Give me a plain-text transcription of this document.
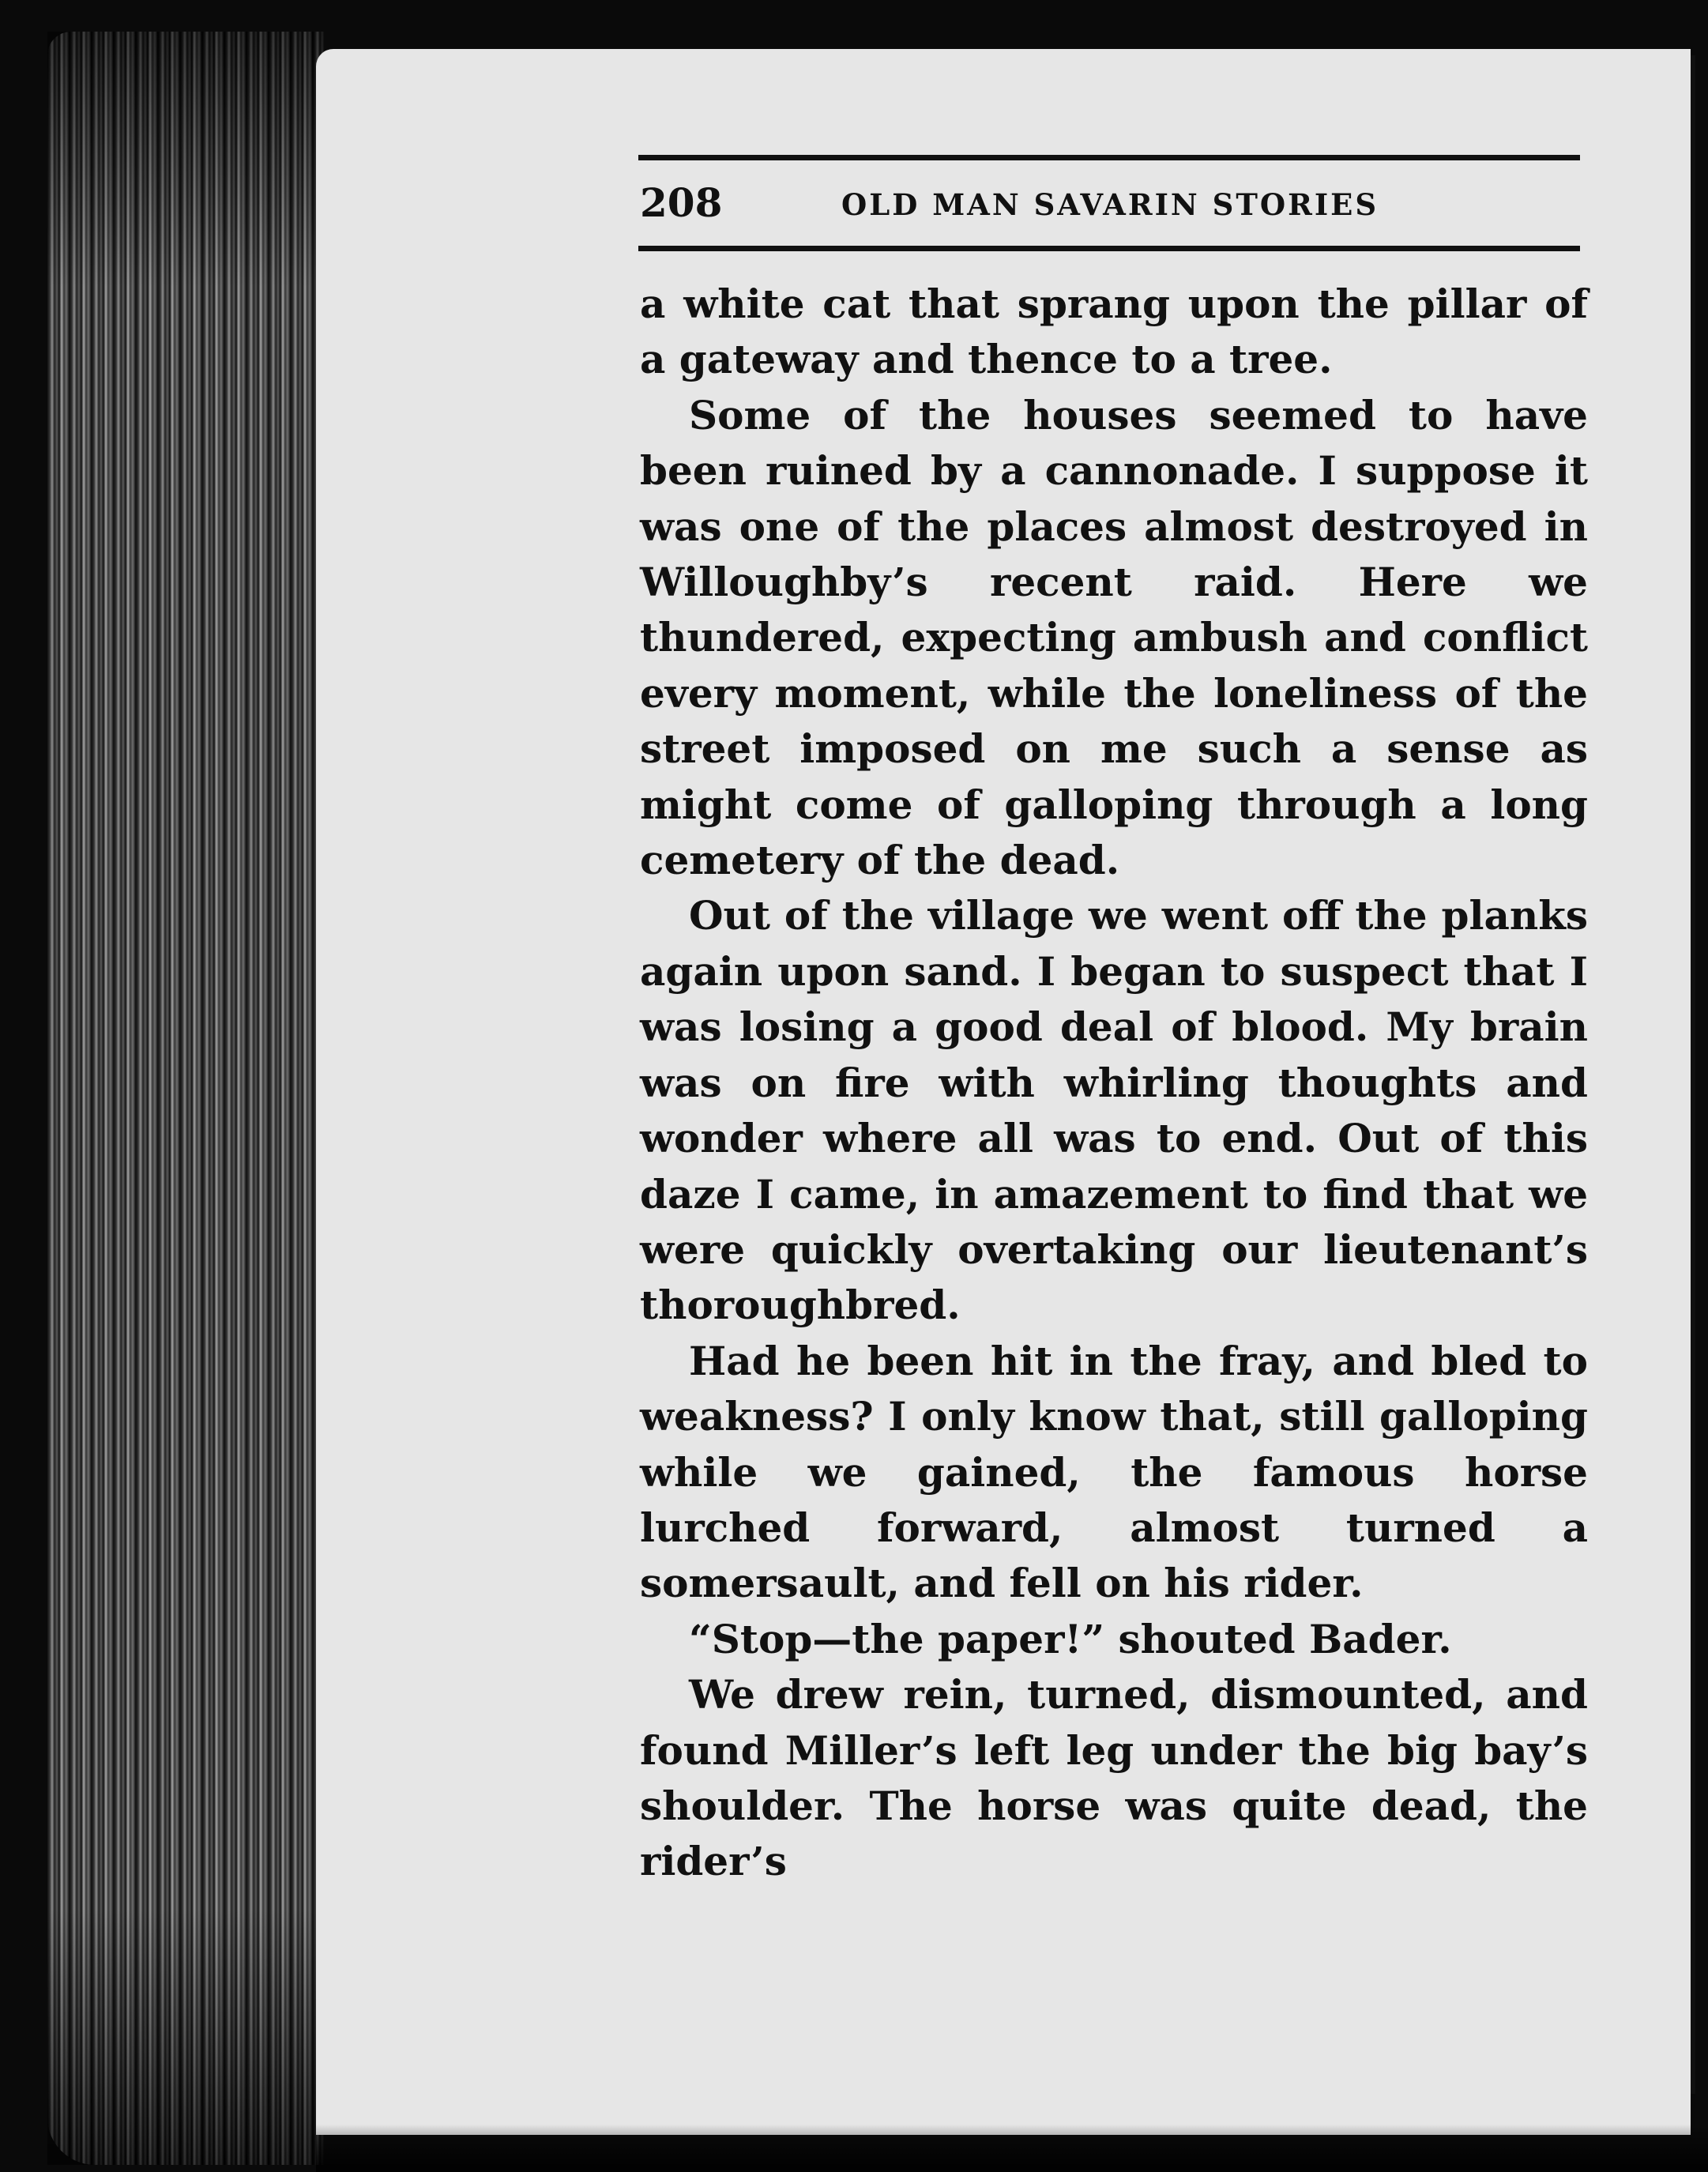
208	OLD MAN SAVARIN STORIES

a white cat that sprang upon the pillar of a gateway and thence to a tree.

Some of the houses seemed to have been ruined by a cannonade. I suppose it was one of the places almost destroyed in Willoughby’s recent raid. Here we thundered, expecting ambush and conflict every moment, while the loneliness of the street imposed on me such a sense as might come of galloping through a long cemetery of the dead.

Out of the village we went off the planks again upon sand. I began to suspect that I was losing a good deal of blood. My brain was on fire with whirling thoughts and wonder where all was to end. Out of this daze I came, in amazement to find that we were quickly overtaking our lieutenant’s thoroughbred.

Had he been hit in the fray, and bled to weakness? I only know that, still galloping while we gained, the famous horse lurched forward, almost turned a somersault, and fell on his rider.

“Stop—the paper!” shouted Bader.

We drew rein, turned, dismounted, and found Miller’s left leg under the big bay’s shoulder. The horse was quite dead, the rider’s
